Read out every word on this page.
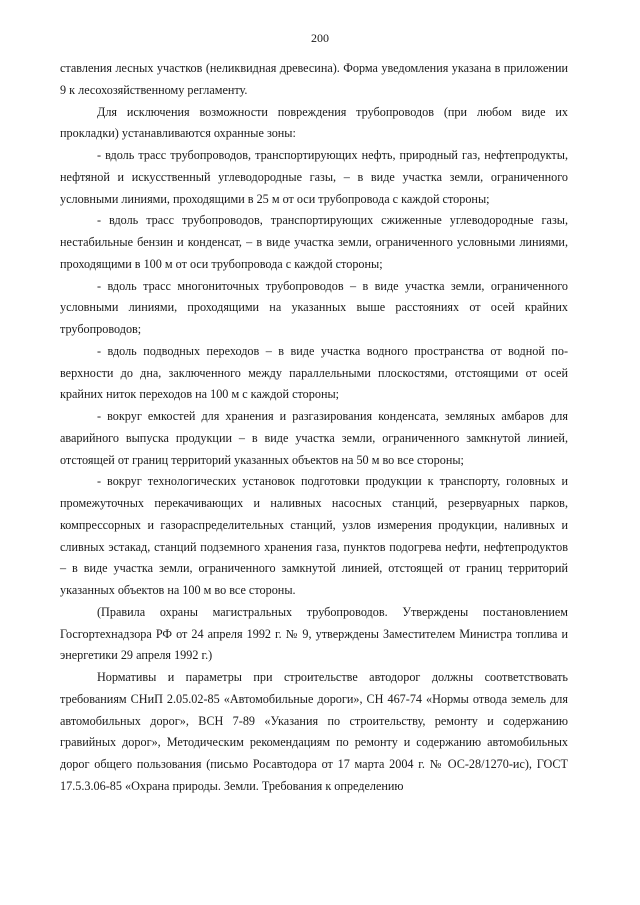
200

ставления лесных участков (неликвидная древесина). Форма уведомления указана в приложении 9 к лесохозяйственному регламенту.

Для исключения возможности повреждения трубопроводов (при любом виде их прокладки) устанавливаются охранные зоны:

- вдоль трасс трубопроводов, транспортирующих нефть, природный газ, нефтепродукты, нефтяной и искусственный углеводородные газы, – в виде участка земли, ограниченного условными линиями, проходящими в 25 м от оси трубопровода с каждой стороны;

- вдоль трасс трубопроводов, транспортирующих сжиженные углеводородные газы, нестабильные бензин и конденсат, – в виде участка земли, ограниченного условными линиями, проходящими в 100 м от оси трубопровода с каждой стороны;

- вдоль трасс многониточных трубопроводов – в виде участка земли, ограниченного условными линиями, проходящими на указанных выше расстояниях от осей крайних трубопроводов;

- вдоль подводных переходов – в виде участка водного пространства от водной поверхности до дна, заключенного между параллельными плоскостями, отстоящими от осей крайних ниток переходов на 100 м с каждой стороны;

- вокруг емкостей для хранения и разгазирования конденсата, земляных амбаров для аварийного выпуска продукции – в виде участка земли, ограниченного замкнутой линией, отстоящей от границ территорий указанных объектов на 50 м во все стороны;

- вокруг технологических установок подготовки продукции к транспорту, головных и промежуточных перекачивающих и наливных насосных станций, резервуарных парков, компрессорных и газораспределительных станций, узлов измерения продукции, наливных и сливных эстакад, станций подземного хранения газа, пунктов подогрева нефти, нефтепродуктов – в виде участка земли, ограниченного замкнутой линией, отстоящей от границ территорий указанных объектов на 100 м во все стороны.

(Правила охраны магистральных трубопроводов. Утверждены постановлением Госгортехнадзора РФ от 24 апреля 1992 г. № 9, утверждены Заместителем Министра топлива и энергетики 29 апреля 1992 г.)

Нормативы и параметры при строительстве автодорог должны соответствовать требованиям СНиП 2.05.02-85 «Автомобильные дороги», СН 467-74 «Нормы отвода земель для автомобильных дорог», ВСН 7-89 «Указания по строительству, ремонту и содержанию гравийных дорог», Методическим рекомендациям по ремонту и содержанию автомобильных дорог общего пользования (письмо Росавтодора от 17 марта 2004 г. № ОС-28/1270-ис), ГОСТ 17.5.3.06-85 «Охрана природы. Земли. Требования к определению
